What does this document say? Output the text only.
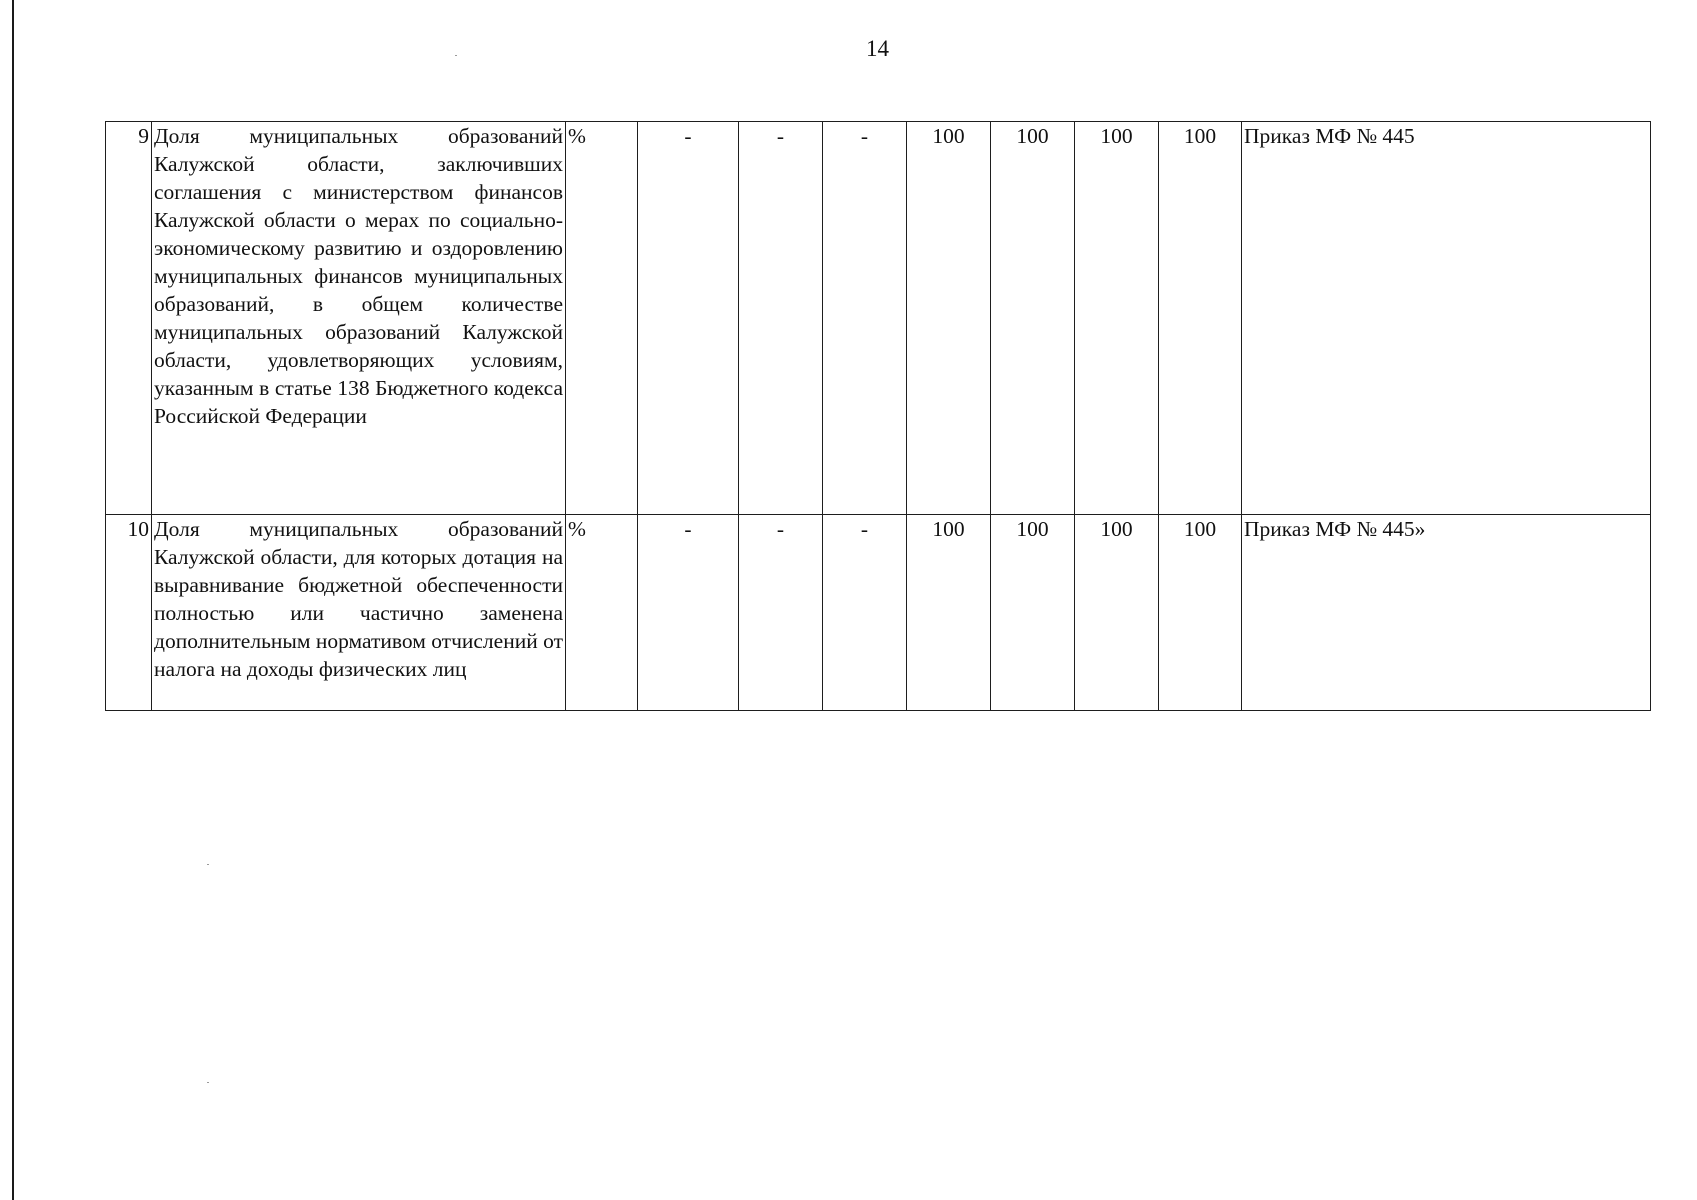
14
9	Доля муниципальных образований Калужской области, заключивших соглашения с министерством финансов Калужской области о мерах по социально-экономическому развитию и оздоровлению муниципальных финансов муниципальных образований, в общем количестве муниципальных образований Калужской области, удовлетворяющих условиям, указанным в статье 138 Бюджетного кодекса Российской Федерации	%	-	-	-	100	100	100	100	Приказ МФ № 445
10	Доля муниципальных образований Калужской области, для которых дотация на выравнивание бюджетной обеспеченности полностью или частично заменена дополнительным нормативом отчислений от налога на доходы физических лиц	%	-	-	-	100	100	100	100	Приказ МФ № 445»
